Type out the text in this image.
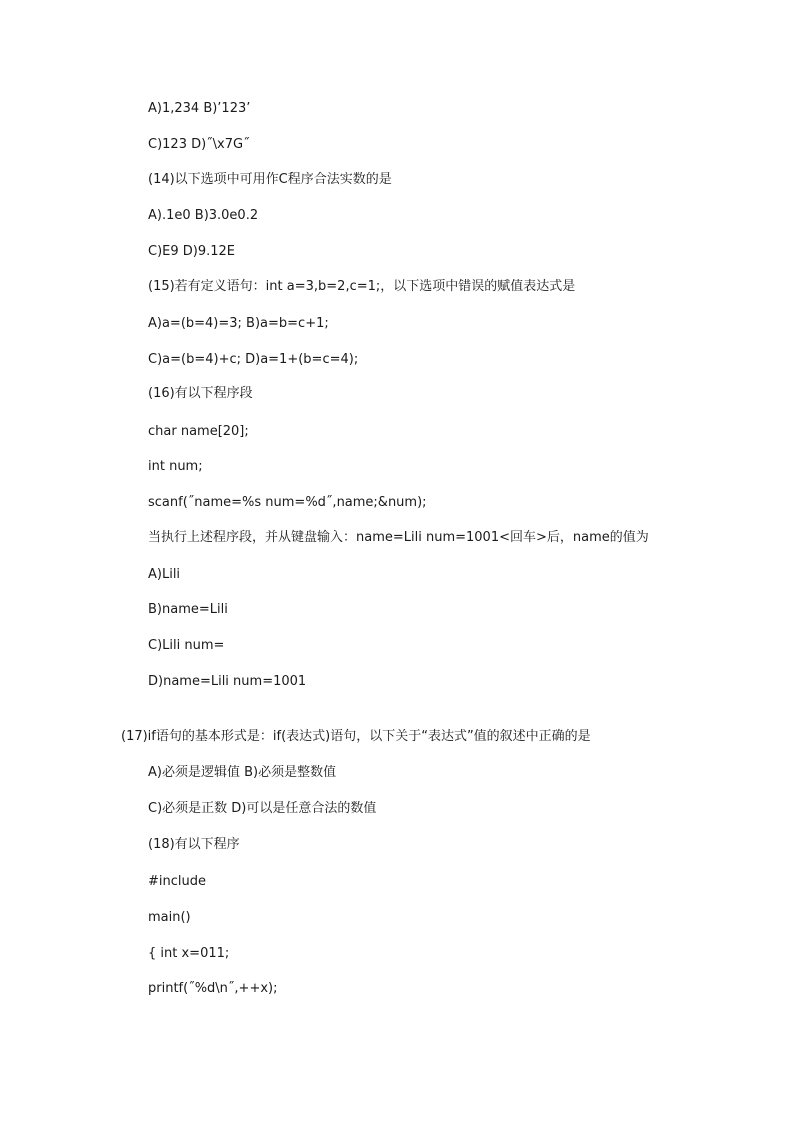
A)1,234 B)’123’
C)123 D)˝\x7G˝
(14)以下选项中可用作C程序合法实数的是
A).1e0 B)3.0e0.2
C)E9 D)9.12E
(15)若有定义语句：int a=3,b=2,c=1;，以下选项中错误的赋值表达式是
A)a=(b=4)=3; B)a=b=c+1;
C)a=(b=4)+c; D)a=1+(b=c=4);
(16)有以下程序段
char name[20];
int num;
scanf(˝name=%s num=%d˝,name;&num);
当执行上述程序段，并从键盘输入：name=Lili num=1001<回车>后，name的值为
A)Lili
B)name=Lili
C)Lili num=
D)name=Lili num=1001
(17)if语句的基本形式是：if(表达式)语句，以下关于“表达式”值的叙述中正确的是
A)必须是逻辑值 B)必须是整数值
C)必须是正数 D)可以是任意合法的数值
(18)有以下程序
#include
main()
{ int x=011;
printf(˝%d\n˝,++x);
